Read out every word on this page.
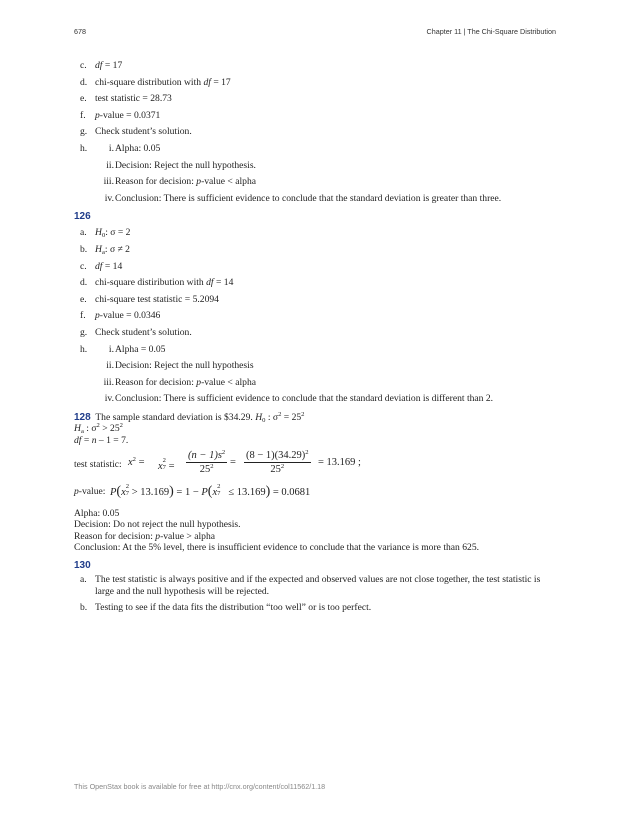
678	Chapter 11 | The Chi-Square Distribution
c. df = 17
d. chi-square distribution with df = 17
e. test statistic = 28.73
f. p-value = 0.0371
g. Check student’s solution.
h.	i. Alpha: 0.05
ii. Decision: Reject the null hypothesis.
iii. Reason for decision: p-value < alpha
iv. Conclusion: There is sufficient evidence to conclude that the standard deviation is greater than three.
126
a. $H_0$: σ = 2
b. $H_a$: σ ≠ 2
c. df = 14
d. chi-square distiribution with df = 14
e. chi-square test statistic = 5.2094
f. p-value = 0.0346
g. Check student’s solution.
h.	i. Alpha = 0.05
ii. Decision: Reject the null hypothesis
iii. Reason for decision: p-value < alpha
iv. Conclusion: There is sufficient evidence to conclude that the standard deviation is different than 2.
128 The sample standard deviation is $34.29. $H_0$ : $\sigma^2 = 25^2$
$H_a$ : $\sigma^2 > 25^2$
df = n – 1 = 7.
test statistic: $x^2 = x$
2
$7 = \frac{(n - 1)s^2}{25^2} = \frac{(8 - 1)(34.29)^2}{25^2} = 13.169$ ;
p-value: P(x
2
7 > 13.169) = 1 − P(x
2
7 ≤ 13.169) = 0.0681
Alpha: 0.05
Decision: Do not reject the null hypothesis.
Reason for decision: p-value > alpha
Conclusion: At the 5% level, there is insufficient evidence to conclude that the variance is more than 625.
130
a. The test statistic is always positive and if the expected and observed values are not close together, the test statistic is large and the null hypothesis will be rejected.
b. Testing to see if the data fits the distribution “too well” or is too perfect.
This OpenStax book is available for free at http://cnx.org/content/col11562/1.18
